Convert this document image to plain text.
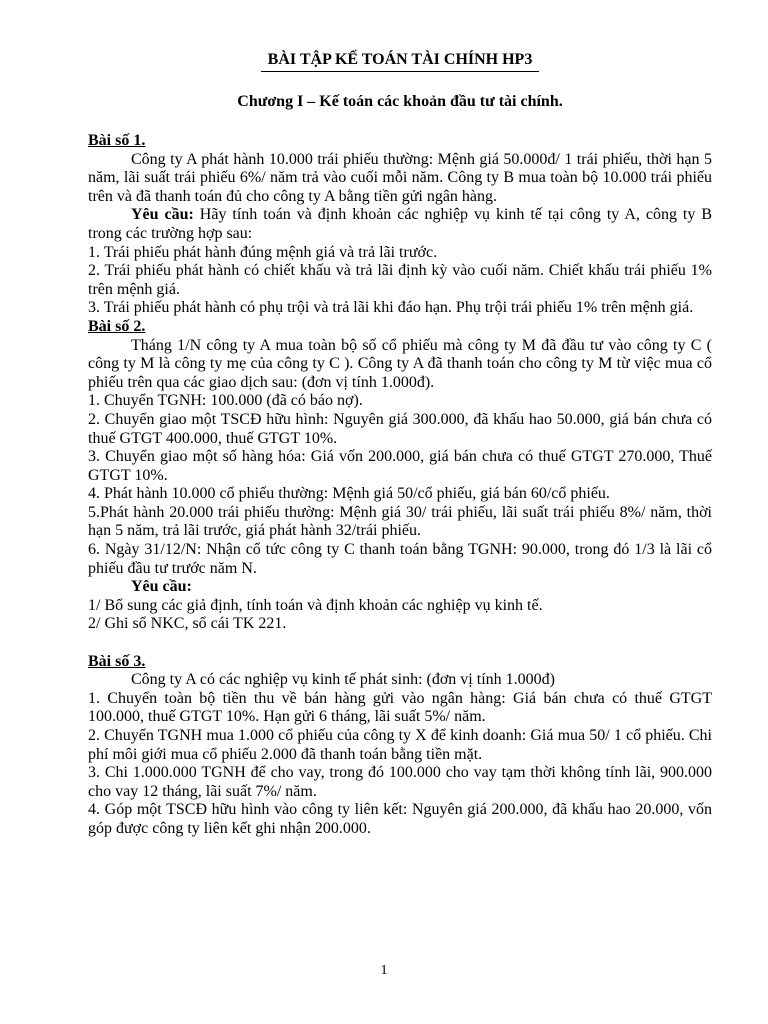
BÀI TẬP KẾ TOÁN TÀI CHÍNH HP3

Chương I – Kế toán các khoản đầu tư tài chính.

Bài số 1.

Công ty A phát hành 10.000 trái phiếu thường: Mệnh giá 50.000đ/ 1 trái phiếu, thời hạn 5 năm, lãi suất trái phiếu 6%/ năm trả vào cuối mỗi năm. Công ty B mua toàn bộ 10.000 trái phiếu trên và đã thanh toán đủ cho công ty A bằng tiền gửi ngân hàng.

Yêu cầu: Hãy tính toán và định khoản các nghiệp vụ kinh tế tại công ty A, công ty B trong các trường hợp sau:

1. Trái phiếu phát hành đúng mệnh giá và trả lãi trước.

2. Trái phiếu phát hành có chiết khấu và trả lãi định kỳ vào cuối năm. Chiết khấu trái phiếu 1% trên mệnh giá.

3. Trái phiếu phát hành có phụ trội và trả lãi khi đáo hạn. Phụ trội trái phiếu 1% trên mệnh giá.

Bài số 2.

Tháng 1/N công ty A mua toàn bộ số cổ phiếu mà công ty M đã đầu tư vào công ty C ( công ty M là công ty mẹ của công ty C ). Công ty A đã thanh toán cho công ty M từ việc mua cổ phiếu trên qua các giao dịch sau: (đơn vị tính 1.000đ).

1. Chuyển TGNH: 100.000 (đã có báo nợ).

2. Chuyển giao một TSCĐ hữu hình: Nguyên giá 300.000, đã khấu hao 50.000, giá bán chưa có thuế GTGT 400.000, thuế GTGT 10%.

3. Chuyển giao một số hàng hóa: Giá vốn 200.000, giá bán chưa có thuế GTGT 270.000, Thuế GTGT 10%.

4. Phát hành 10.000 cổ phiếu thường: Mệnh giá 50/cổ phiếu, giá bán 60/cổ phiếu.

5.Phát hành 20.000 trái phiếu thường: Mệnh giá 30/ trái phiếu, lãi suất trái phiếu 8%/ năm, thời hạn 5 năm, trả lãi trước, giá phát hành 32/trái phiếu.

6. Ngày 31/12/N: Nhận cổ tức công ty C thanh toán bằng TGNH: 90.000, trong đó 1/3 là lãi cổ phiếu đầu tư trước năm N.

Yêu cầu:

1/ Bổ sung các giả định, tính toán và định khoản các nghiệp vụ kinh tế.

2/ Ghi sổ NKC, sổ cái TK 221.

Bài số 3.

Công ty A có các nghiệp vụ kinh tế phát sinh: (đơn vị tính 1.000đ)

1. Chuyển toàn bộ tiền thu về bán hàng gửi vào ngân hàng: Giá bán chưa có thuế GTGT 100.000, thuế GTGT 10%. Hạn gửi 6 tháng, lãi suất 5%/ năm.

2. Chuyển TGNH mua 1.000 cổ phiếu của công ty X để kinh doanh: Giá mua 50/ 1 cổ phiếu. Chi phí môi giới mua cổ phiếu 2.000 đã thanh toán bằng tiền mặt.

3. Chi 1.000.000 TGNH để cho vay, trong đó 100.000 cho vay tạm thời không tính lãi, 900.000 cho vay 12 tháng, lãi suất 7%/ năm.

4. Góp một TSCĐ hữu hình vào công ty liên kết: Nguyên giá 200.000, đã khấu hao 20.000, vốn góp được công ty liên kết ghi nhận 200.000.

1
